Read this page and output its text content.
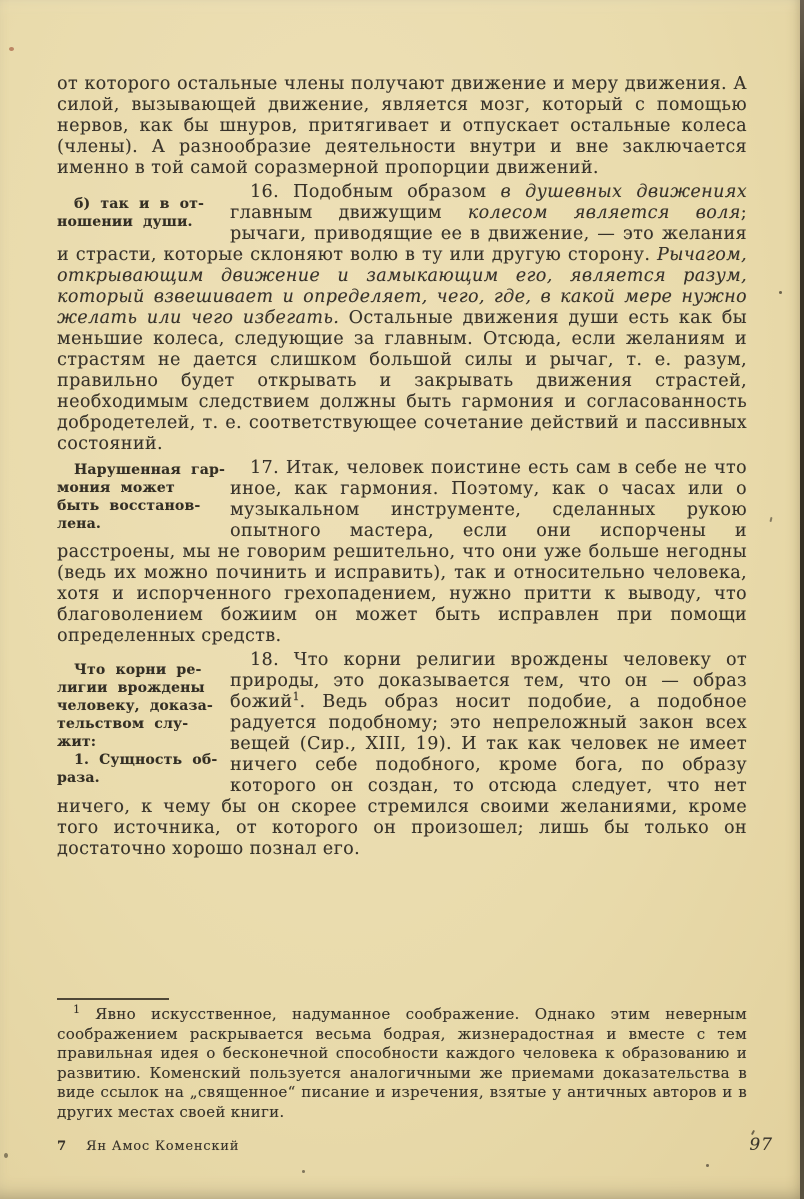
от которого остальные члены получают движение и меру движения. А силой, вызывающей движение, является мозг, который с помощью нервов, как бы шнуров, притягивает и отпускает остальные колеса (члены). А разнообразие деятельности внутри и вне заключается именно в той самой соразмерной пропорции движений.

б) так и в от-
ношении души.

16. Подобным образом в душевных движениях главным движущим колесом является воля; рычаги, приводящие ее в движение, — это желания и страсти, которые склоняют волю в ту или другую сторону. Рычагом, открывающим движение и замыкающим его, является разум, который взвешивает и определяет, чего, где, в какой мере нужно желать или чего избегать. Остальные движения души есть как бы меньшие колеса, следующие за главным. Отсюда, если желаниям и страстям не дается слишком большой силы и рычаг, т. е. разум, правильно будет открывать и закрывать движения страстей, необходимым следствием должны быть гармония и согласованность добродетелей, т. е. соответствующее сочетание действий и пассивных состояний.

Нарушенная гар-
мония может
быть восстанов-
лена.

17. Итак, человек поистине есть сам в себе не что иное, как гармония. Поэтому, как о часах или о музыкальном инструменте, сделанных рукою опытного мастера, если они испорчены и расстроены, мы не говорим решительно, что они уже больше негодны (ведь их можно починить и исправить), так и относительно человека, хотя и испорченного грехопадением, нужно притти к выводу, что благоволением божиим он может быть исправлен при помощи определенных средств.

Что корни ре-
лигии врождены
человеку, доказа-
тельством слу-
жит:
1. Сущность об-
раза.

18. Что корни религии врождены человеку от природы, это доказывается тем, что он — образ божий$^1$. Ведь образ носит подобие, а подобное радуется подобному; это непреложный закон всех вещей (Сир., XIII, 19). И так как человек не имеет ничего себе подобного, кроме бога, по образу которого он создан, то отсюда следует, что нет ничего, к чему бы он скорее стремился своими желаниями, кроме того источника, от которого он произошел; лишь бы только он достаточно хорошо познал его.

$^1$ Явно искусственное, надуманное соображение. Однако этим неверным соображением раскрывается весьма бодрая, жизнерадостная и вместе с тем правильная идея о бесконечной способности каждого человека к образованию и развитию. Коменский пользуется аналогичными же приемами доказательства в виде ссылок на „священное“ писание и изречения, взятые у античных авторов и в других местах своей книги.

7 Ян Амос Коменский	97
